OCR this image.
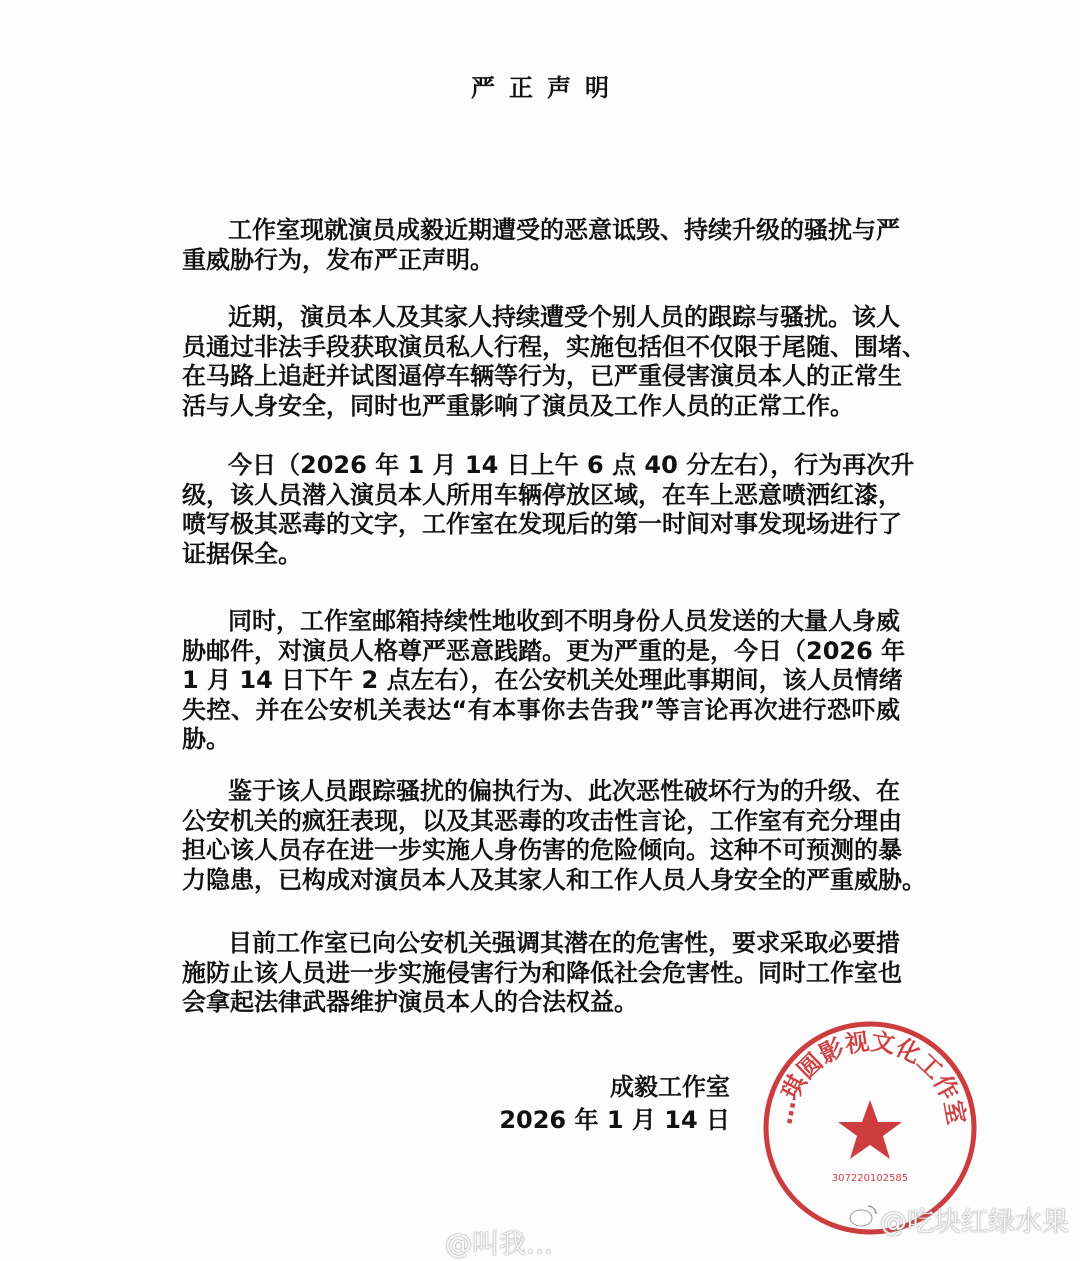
严正声明
工作室现就演员成毅近期遭受的恶意诋毁、持续升级的骚扰与严
重威胁行为，发布严正声明。
近期，演员本人及其家人持续遭受个别人员的跟踪与骚扰。该人
员通过非法手段获取演员私人行程，实施包括但不仅限于尾随、围堵、
在马路上追赶并试图逼停车辆等行为，已严重侵害演员本人的正常生
活与人身安全，同时也严重影响了演员及工作人员的正常工作。
今日（2026 年 1 月 14 日上午 6 点 40 分左右），行为再次升
级，该人员潜入演员本人所用车辆停放区域，在车上恶意喷洒红漆，
喷写极其恶毒的文字，工作室在发现后的第一时间对事发现场进行了
证据保全。
同时，工作室邮箱持续性地收到不明身份人员发送的大量人身威
胁邮件，对演员人格尊严恶意践踏。更为严重的是，今日（2026 年
1 月 14 日下午 2 点左右），在公安机关处理此事期间，该人员情绪
失控、并在公安机关表达“有本事你去告我”等言论再次进行恐吓威
胁。
鉴于该人员跟踪骚扰的偏执行为、此次恶性破坏行为的升级、在
公安机关的疯狂表现，以及其恶毒的攻击性言论，工作室有充分理由
担心该人员存在进一步实施人身伤害的危险倾向。这种不可预测的暴
力隐患，已构成对演员本人及其家人和工作人员人身安全的严重威胁。
目前工作室已向公安机关强调其潜在的危害性，要求采取必要措
施防止该人员进一步实施侵害行为和降低社会危害性。同时工作室也
会拿起法律武器维护演员本人的合法权益。
…琪圆影视文化工作室
307220102585
成毅工作室
2026 年 1 月 14 日
@吃块红绿水果
@叫我…
